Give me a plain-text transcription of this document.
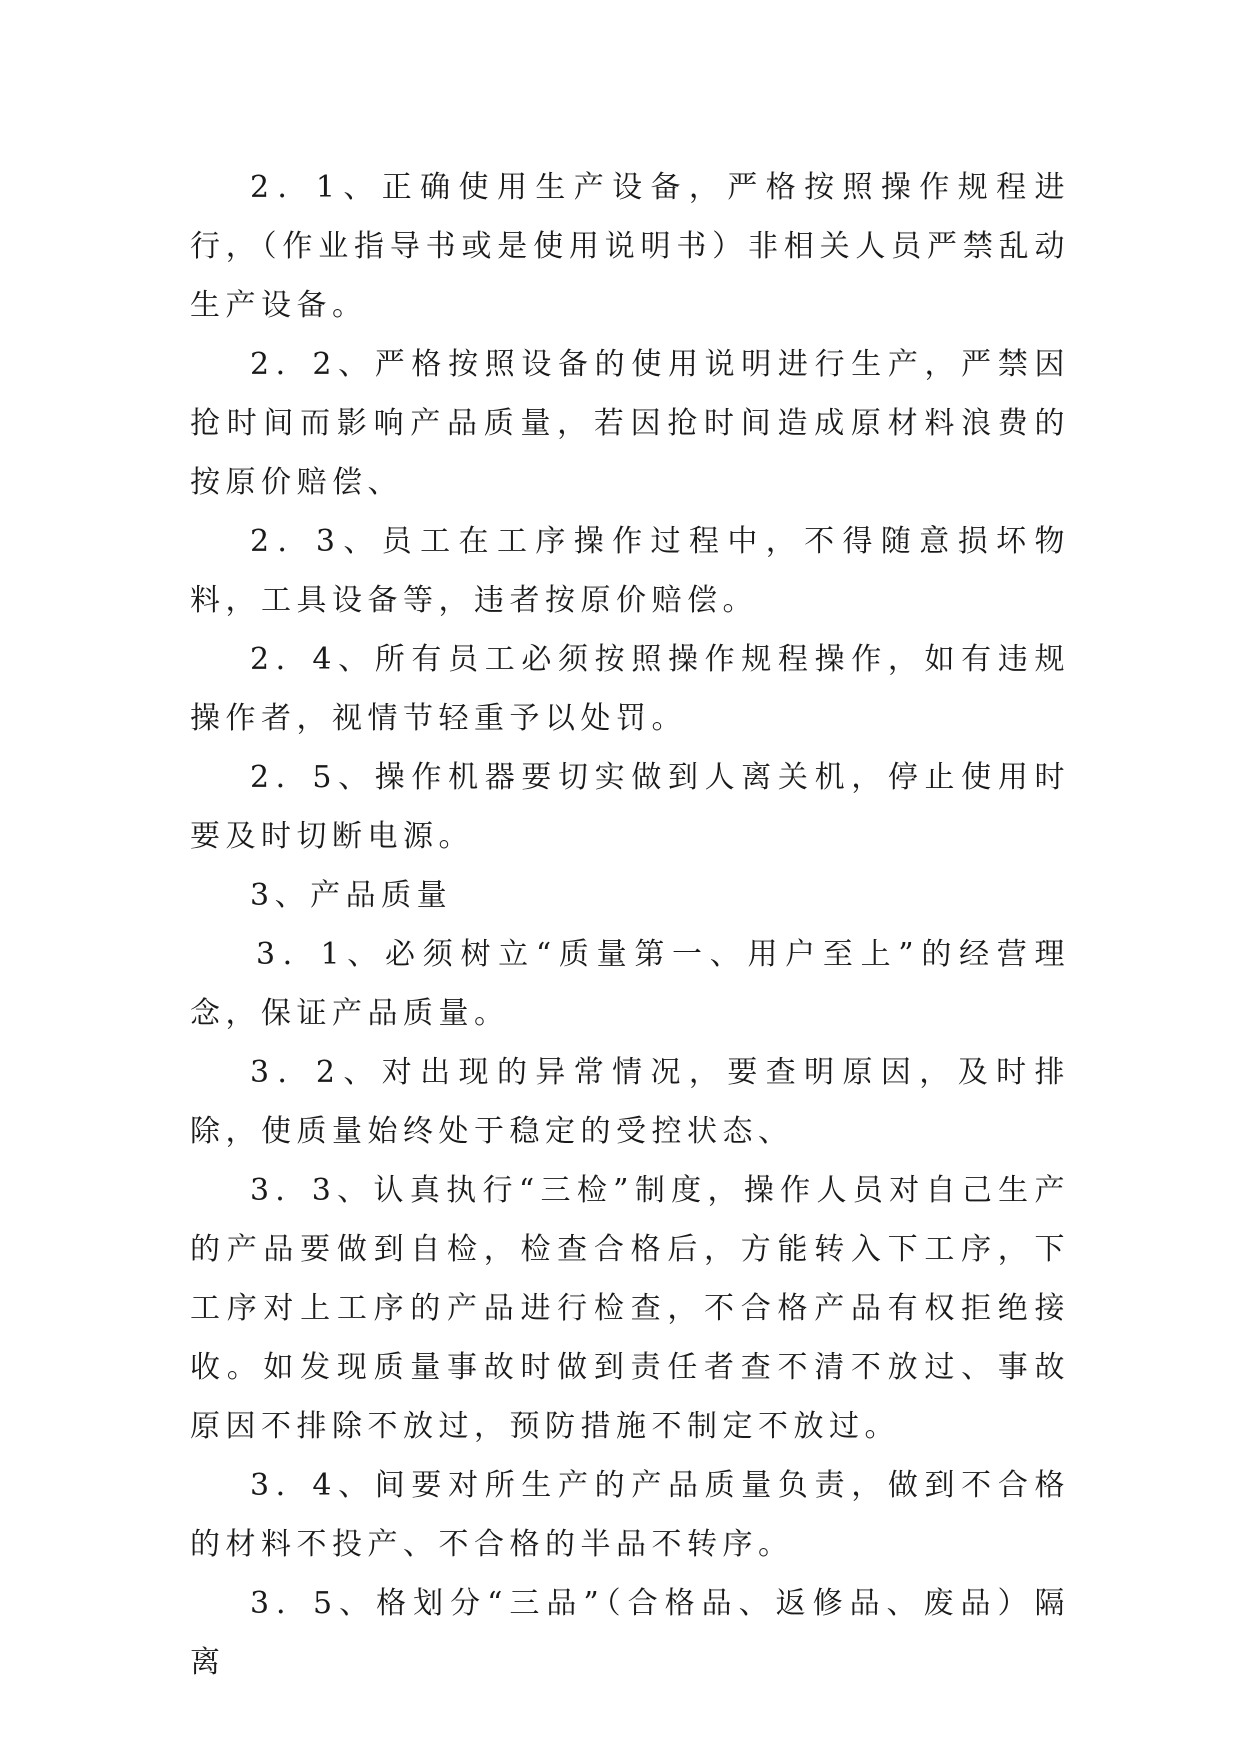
2．1、正确使用生产设备，严格按照操作规程进行，（作业指导书或是使用说明书）非相关人员严禁乱动生产设备。

2．2、严格按照设备的使用说明进行生产，严禁因抢时间而影响产品质量，若因抢时间造成原材料浪费的按原价赔偿、

2．3、员工在工序操作过程中，不得随意损坏物料，工具设备等，违者按原价赔偿。

2．4、所有员工必须按照操作规程操作，如有违规操作者，视情节轻重予以处罚。

2．5、操作机器要切实做到人离关机，停止使用时要及时切断电源。

3、产品质量

3．1、必须树立“质量第一、用户至上”的经营理念，保证产品质量。

3．2、对出现的异常情况，要查明原因，及时排除，使质量始终处于稳定的受控状态、

3．3、认真执行“三检”制度，操作人员对自己生产的产品要做到自检，检查合格后，方能转入下工序，下工序对上工序的产品进行检查，不合格产品有权拒绝接收。如发现质量事故时做到责任者查不清不放过、事故原因不排除不放过，预防措施不制定不放过。

3．4、间要对所生产的产品质量负责，做到不合格的材料不投产、不合格的半品不转序。

3．5、格划分“三品”（合格品、返修品、废品）隔离
